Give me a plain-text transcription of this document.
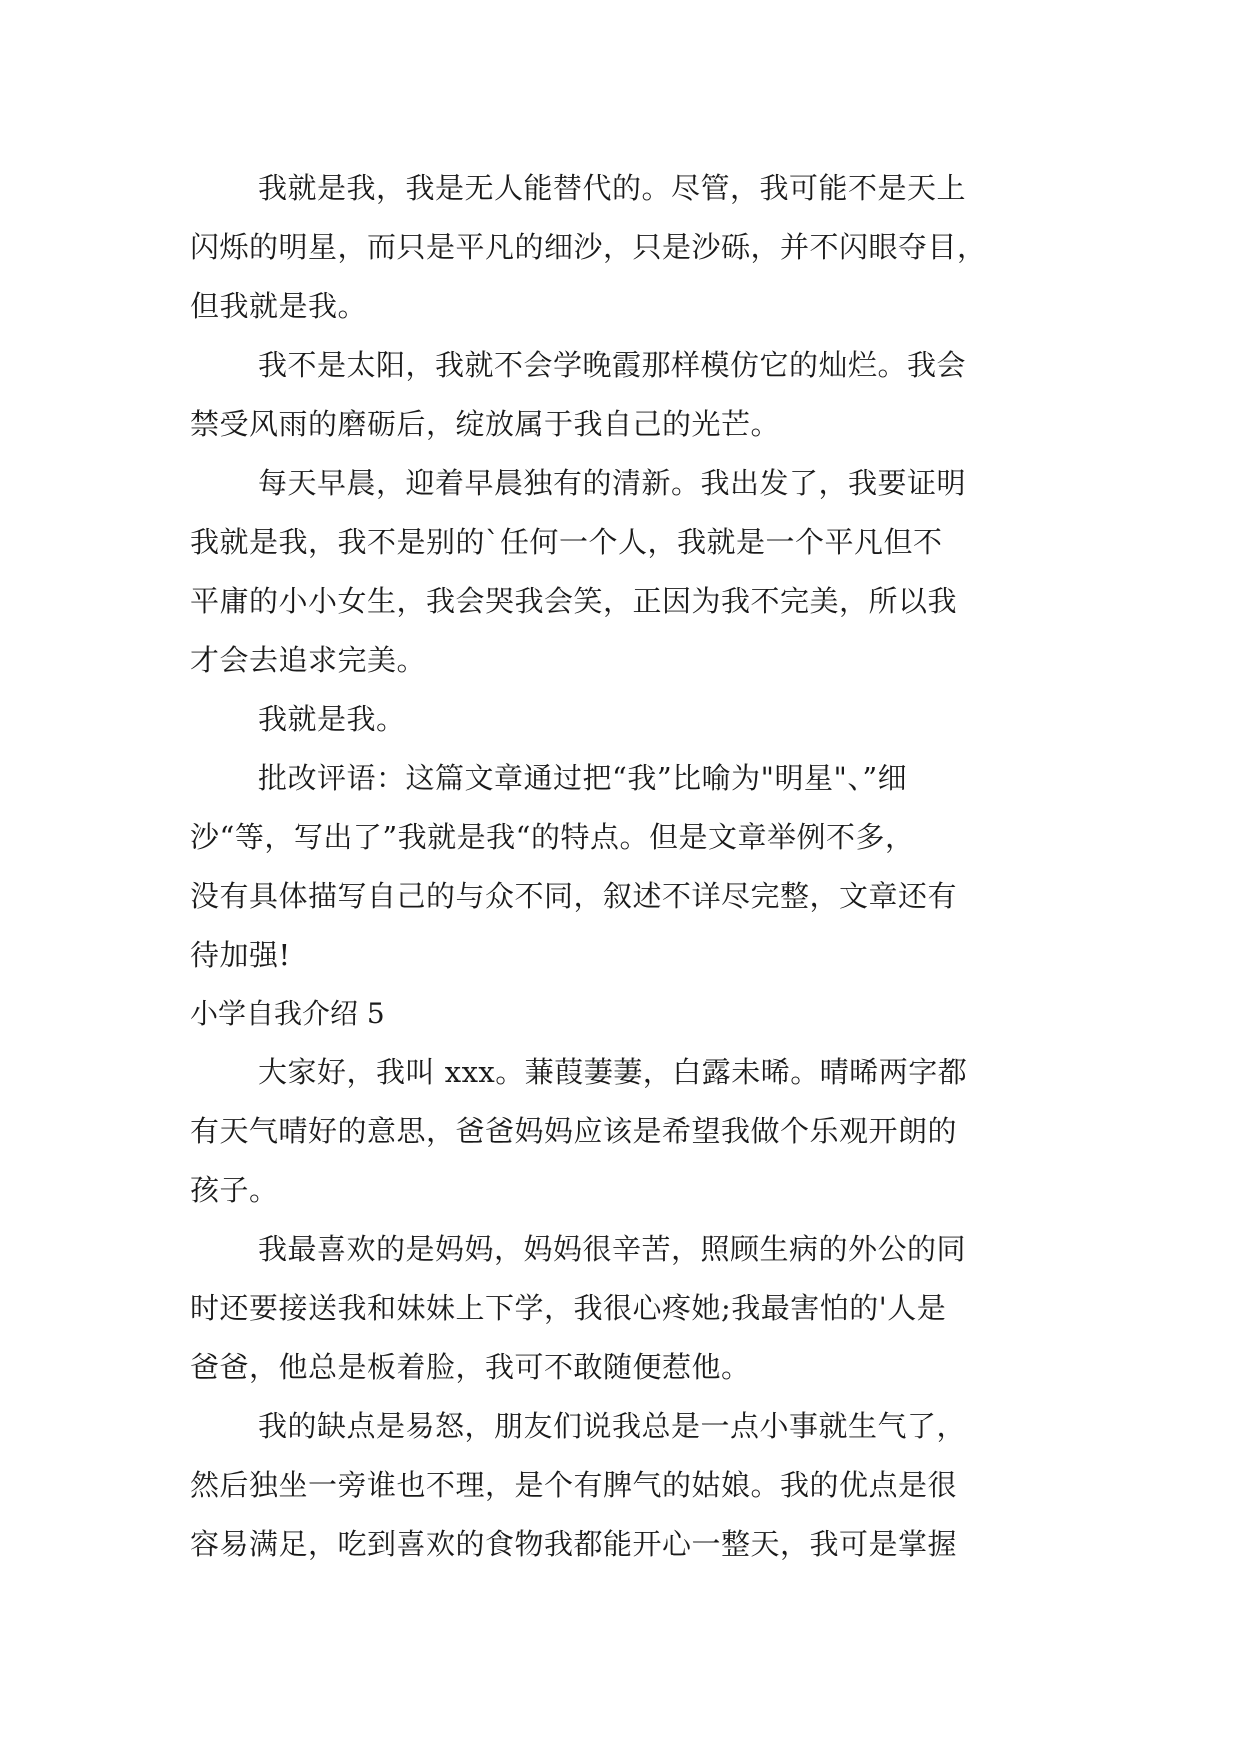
我就是我，我是无人能替代的。尽管，我可能不是天上
闪烁的明星，而只是平凡的细沙，只是沙砾，并不闪眼夺目，
但我就是我。
我不是太阳，我就不会学晚霞那样模仿它的灿烂。我会
禁受风雨的磨砺后，绽放属于我自己的光芒。
每天早晨，迎着早晨独有的清新。我出发了，我要证明
我就是我，我不是别的`任何一个人，我就是一个平凡但不
平庸的小小女生，我会哭我会笑，正因为我不完美，所以我
才会去追求完美。
我就是我。
批改评语：这篇文章通过把“我”比喻为"明星"、”细
沙“等，写出了”我就是我“的特点。但是文章举例不多，
没有具体描写自己的与众不同，叙述不详尽完整，文章还有
待加强!
小学自我介绍 5
大家好，我叫 xxx。蒹葭萋萋，白露未晞。晴晞两字都
有天气晴好的意思，爸爸妈妈应该是希望我做个乐观开朗的
孩子。
我最喜欢的是妈妈，妈妈很辛苦，照顾生病的外公的同
时还要接送我和妹妹上下学，我很心疼她;我最害怕的'人是
爸爸，他总是板着脸，我可不敢随便惹他。
我的缺点是易怒，朋友们说我总是一点小事就生气了，
然后独坐一旁谁也不理，是个有脾气的姑娘。我的优点是很
容易满足，吃到喜欢的食物我都能开心一整天，我可是掌握
